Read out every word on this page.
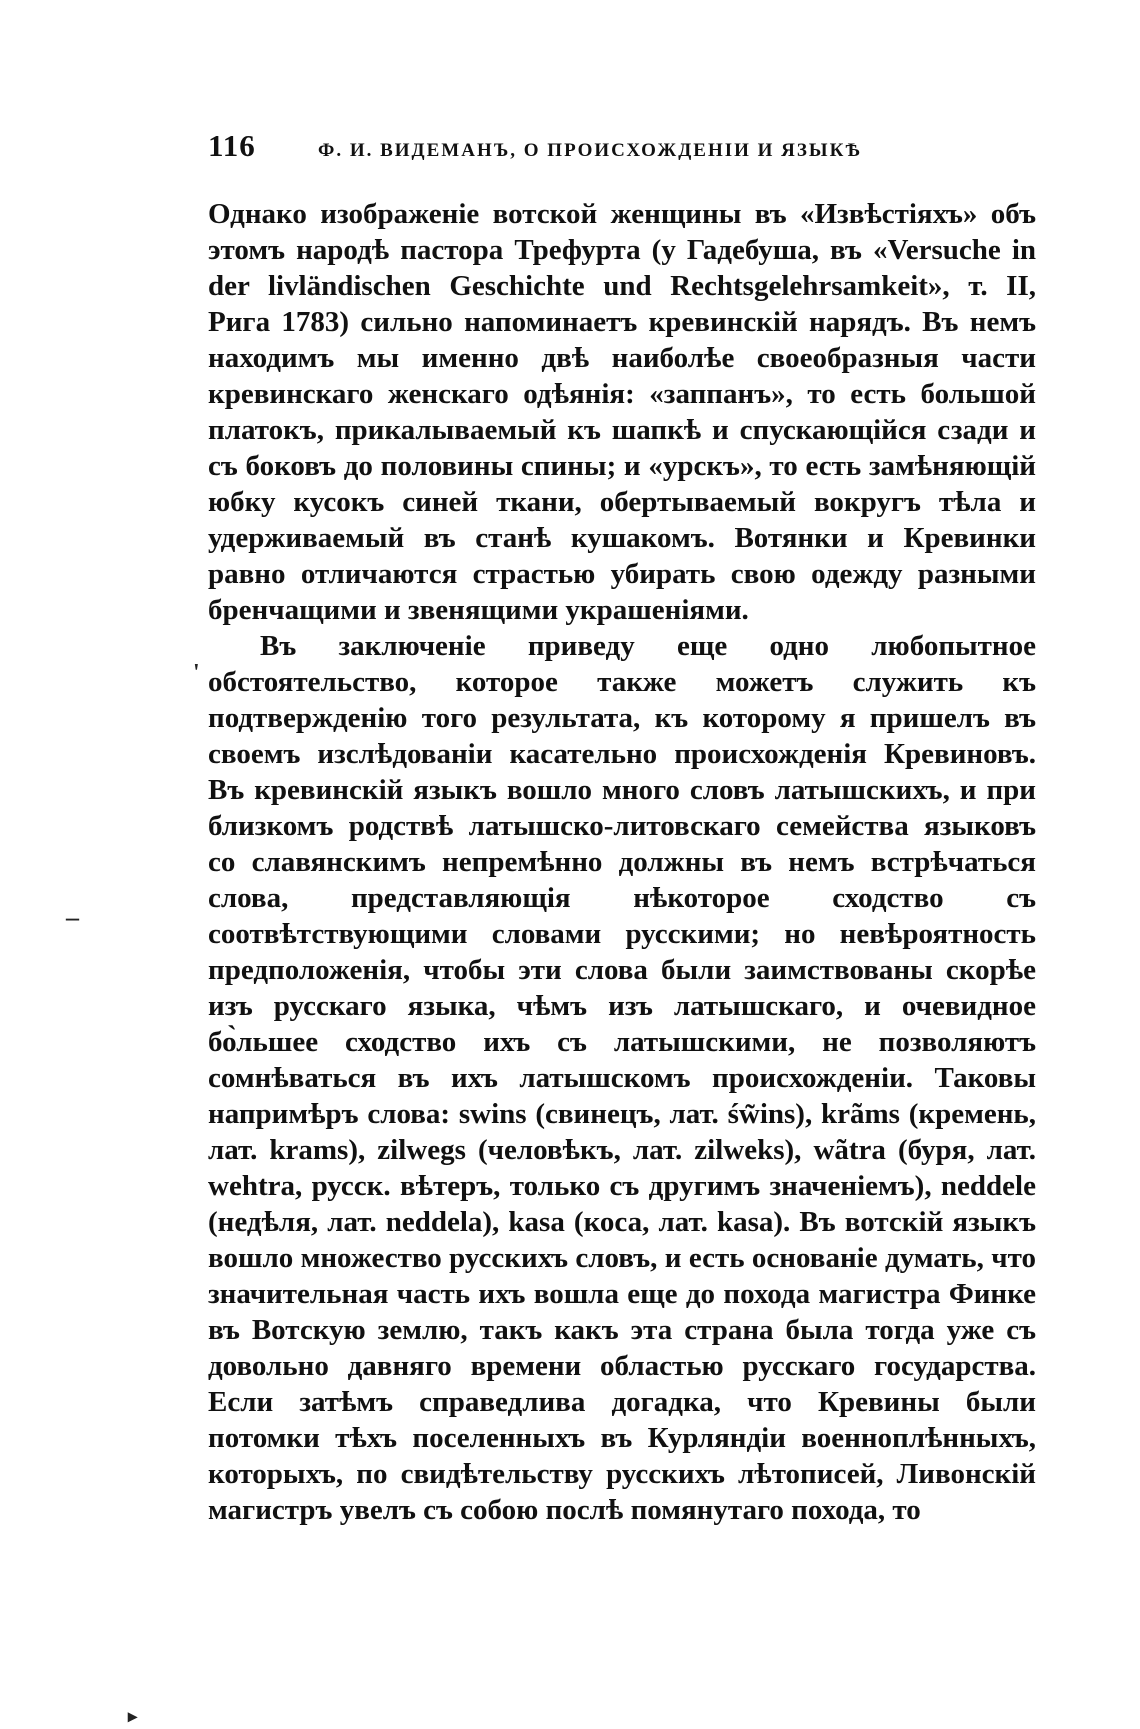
116	Ф. И. ВИДЕМАНЪ, О ПРОИСХОЖДЕНІИ И ЯЗЫКѢ

Однако изображеніе вотской женщины въ «Извѣстіяхъ» объ этомъ народѣ пастора Трефурта (у Гадебуша, въ «Versuche in der livländischen Geschichte und Rechtsgelehrsamkeit», т. II, Рига 1783) сильно напоминаетъ кревинскій нарядъ. Въ немъ находимъ мы именно двѣ наиболѣе своеобразныя части кревинскаго женскаго одѣянія: «заппанъ», то есть большой платокъ, прикалываемый къ шапкѣ и спускающійся сзади и съ боковъ до половины спины; и «урскъ», то есть замѣняющій юбку кусокъ синей ткани, обертываемый вокругъ тѣла и удерживаемый въ станѣ кушакомъ. Вотянки и Кревинки равно отличаются страстью убирать свою одежду разными бренчащими и звенящими украшеніями.

Въ заключеніе приведу еще одно любопытное обстоятельство, которое также можетъ служить къ подтвержденію того результата, къ которому я пришелъ въ своемъ изслѣдованіи касательно происхожденія Кревиновъ. Въ кревинскій языкъ вошло много словъ латышскихъ, и при близкомъ родствѣ латышско-литовскаго семейства языковъ со славянскимъ непремѣнно должны въ немъ встрѣчаться слова, представляющія нѣкоторое сходство съ соотвѣтствующими словами русскими; но невѣроятность предположенія, чтобы эти слова были заимствованы скорѣе изъ русскаго языка, чѣмъ изъ латышскаго, и очевидное бо̀льшее сходство ихъ съ латышскими, не позволяютъ сомнѣваться въ ихъ латышскомъ происхожденіи. Таковы напримѣръ слова: swins (свинецъ, лат. św̃ins), krãms (кремень, лат. krams), zilwegs (человѣкъ, лат. zilweks), wãtra (буря, лат. wehtra, русск. вѣтеръ, только съ другимъ значеніемъ), neddele (недѣля, лат. neddela), kasa (коса, лат. kasa). Въ вотскій языкъ вошло множество русскихъ словъ, и есть основаніе думать, что значительная часть ихъ вошла еще до похода магистра Финке въ Вотскую землю, такъ какъ эта страна была тогда уже съ довольно давняго времени областью русскаго государства. Если затѣмъ справедлива догадка, что Кревины были потомки тѣхъ поселенныхъ въ Курляндіи военноплѣнныхъ, которыхъ, по свидѣтельству русскихъ лѣтописей, Ливонскій магистръ увелъ съ собою послѣ помянутаго похода, то

'
–
▸
